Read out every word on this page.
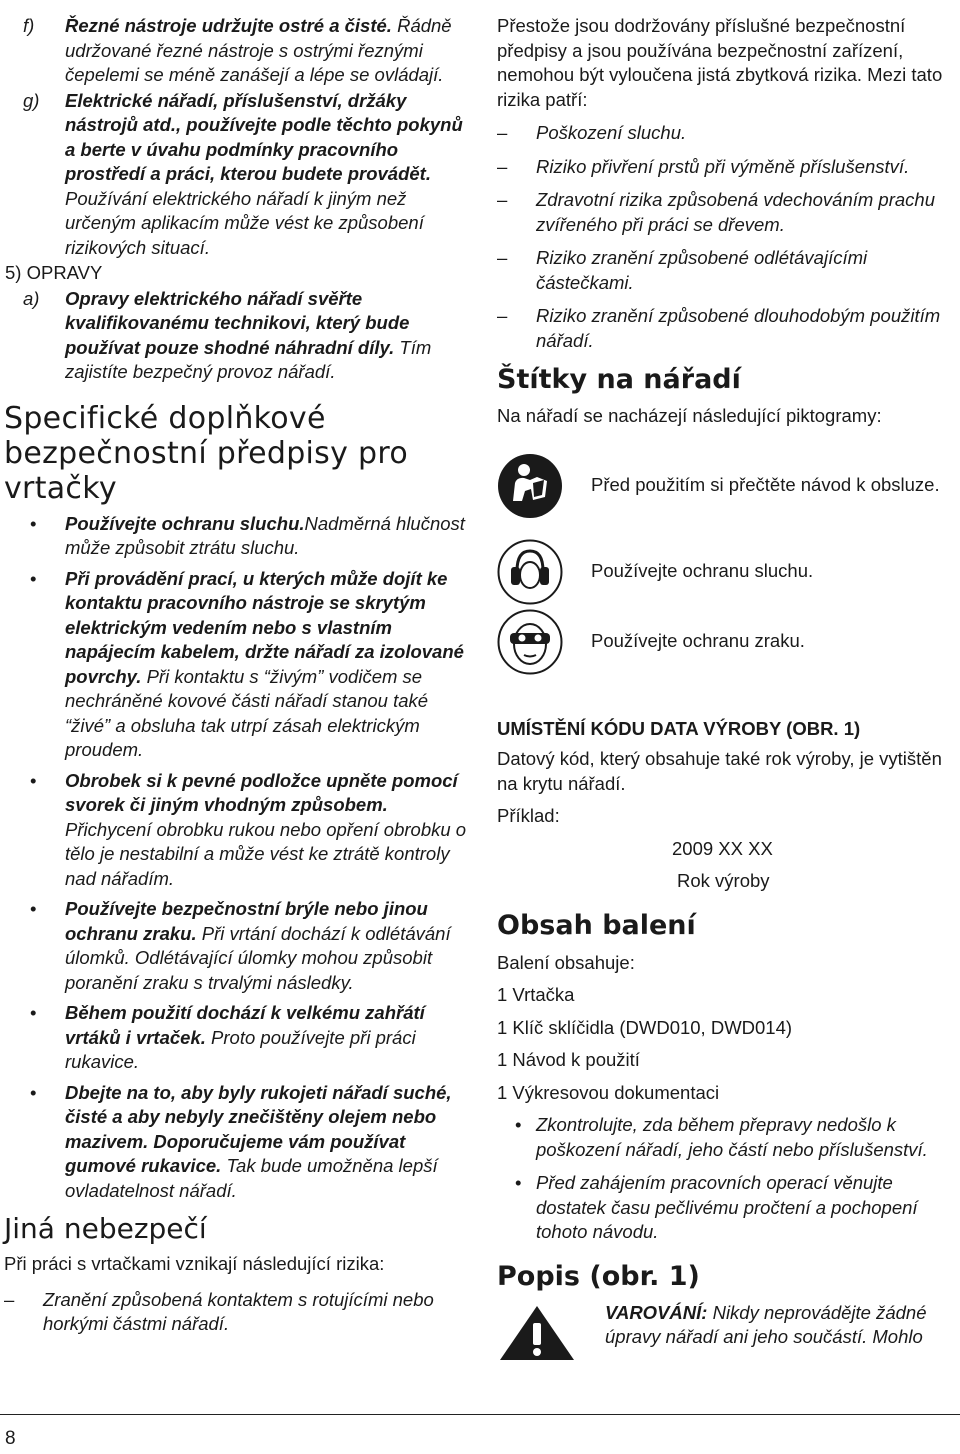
f) Řezné nástroje udržujte ostré a čisté. Řádně udržované řezné nástroje s ostrými řeznými čepelemi se méně zanášejí a lépe se ovládají.
g) Elektrické nářadí, příslušenství, držáky nástrojů atd., používejte podle těchto pokynů a berte v úvahu podmínky pracovního prostředí a práci, kterou budete provádět. Používání elektrického nářadí k jiným než určeným aplikacím může vést ke způsobení rizikových situací.

5) OPRAVY

a) Opravy elektrického nářadí svěřte kvalifikovanému technikovi, který bude používat pouze shodné náhradní díly. Tím zajistíte bezpečný provoz nářadí.
Specifické doplňkové bezpečnostní předpisy pro vrtačky
• Používejte ochranu sluchu.Nadměrná hlučnost může způsobit ztrátu sluchu.
• Při provádění prací, u kterých může dojít ke kontaktu pracovního nástroje se skrytým elektrickým vedením nebo s vlastním napájecím kabelem, držte nářadí za izolované povrchy. Při kontaktu s “živým” vodičem se nechráněné kovové části nářadí stanou také “živé” a obsluha tak utrpí zásah elektrickým proudem.
• Obrobek si k pevné podložce upněte pomocí svorek či jiným vhodným způsobem. Přichycení obrobku rukou nebo opření obrobku o tělo je nestabilní a může vést ke ztrátě kontroly nad nářadím.
• Používejte bezpečnostní brýle nebo jinou ochranu zraku. Při vrtání dochází k odlétávání úlomků. Odlétávající úlomky mohou způsobit poranění zraku s trvalými následky.
• Během použití dochází k velkému zahřátí vrtáků i vrtaček. Proto používejte při práci rukavice.
• Dbejte na to, aby byly rukojeti nářadí suché, čisté a aby nebyly znečištěny olejem nebo mazivem. Doporučujeme vám používat gumové rukavice. Tak bude umožněna lepší ovladatelnost nářadí.
Jiná nebezpečí

Při práci s vrtačkami vznikají následující rizika:

– Zranění způsobená kontaktem s rotujícími nebo horkými částmi nářadí.

Přestože jsou dodržovány příslušné bezpečnostní předpisy a jsou používána bezpečnostní zařízení, nemohou být vyloučena jistá zbytková rizika. Mezi tato rizika patří:

– Poškození sluchu.
– Riziko přivření prstů při výměně příslušenství.
– Zdravotní rizika způsobená vdechováním prachu zvířeného při práci se dřevem.
– Riziko zranění způsobené odlétávajícími částečkami.
– Riziko zranění způsobené dlouhodobým použitím nářadí.
Štítky na nářadí

Na nářadí se nacházejí následující piktogramy:

Před použitím si přečtěte návod k obsluze.

Používejte ochranu sluchu.

Používejte ochranu zraku.

UMÍSTĚNÍ KÓDU DATA VÝROBY (OBR. 1)

Datový kód, který obsahuje také rok výroby, je vytištěn na krytu nářadí.

Příklad:

2009 XX XX

Rok výroby

Obsah balení

Balení obsahuje:

1 Vrtačka

1 Klíč sklíčidla (DWD010, DWD014)

1 Návod k použití

1 Výkresovou dokumentaci

• Zkontrolujte, zda během přepravy nedošlo k poškození nářadí, jeho částí nebo příslušenství.
• Před zahájením pracovních operací věnujte dostatek času pečlivému pročtení a pochopení tohoto návodu.
Popis (obr. 1)

VAROVÁNÍ: Nikdy neprovádějte žádné úpravy nářadí ani jeho součástí. Mohlo

8
